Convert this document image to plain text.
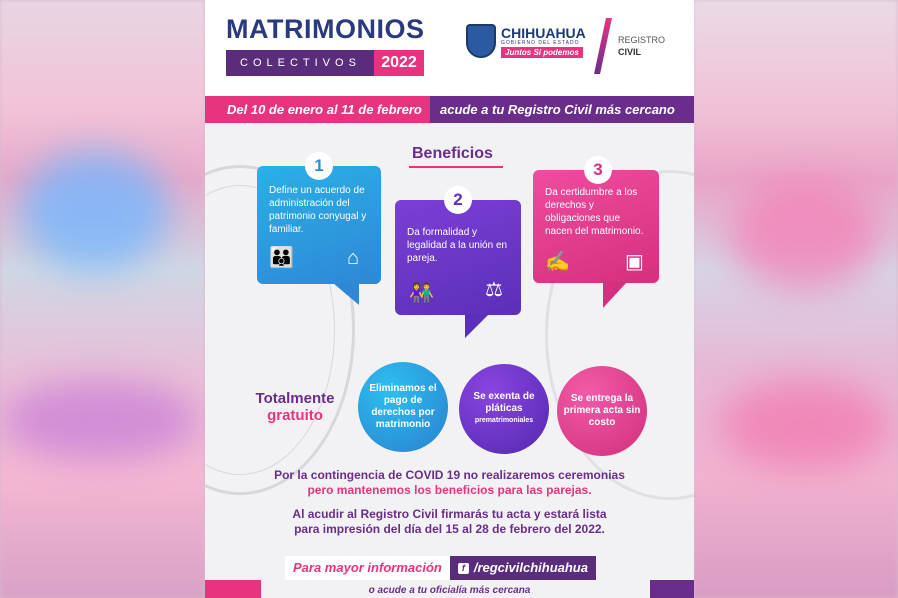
MATRIMONIOS
COLECTIVOS	2022
CHIHUAHUA
GOBIERNO DEL ESTADO
Juntos Sí podemos
REGISTRO
CIVIL
Del 10 de enero al 11 de febrero	acude a tu Registro Civil más cercano
Beneficios
1
Define un acuerdo de administración del patrimonio conyugal y familiar.
👪	⌂
2
Da formalidad y legalidad a la unión en pareja.
👫	⚖
3
Da certidumbre a los derechos y obligaciones que nacen del matrimonio.
✍	▣
Totalmente
gratuito
Eliminamos el pago de derechos por matrimonio
Se exenta de pláticas
prematrimoniales
Se entrega la primera acta sin costo
Por la contingencia de COVID 19 no realizaremos ceremonias
pero mantenemos los beneficios para las parejas.
Al acudir al Registro Civil firmarás tu acta y estará lista
para impresión del día del 15 al 28 de febrero del 2022.
Para mayor información	f /regcivilchihuahua
o acude a tu oficialía más cercana
